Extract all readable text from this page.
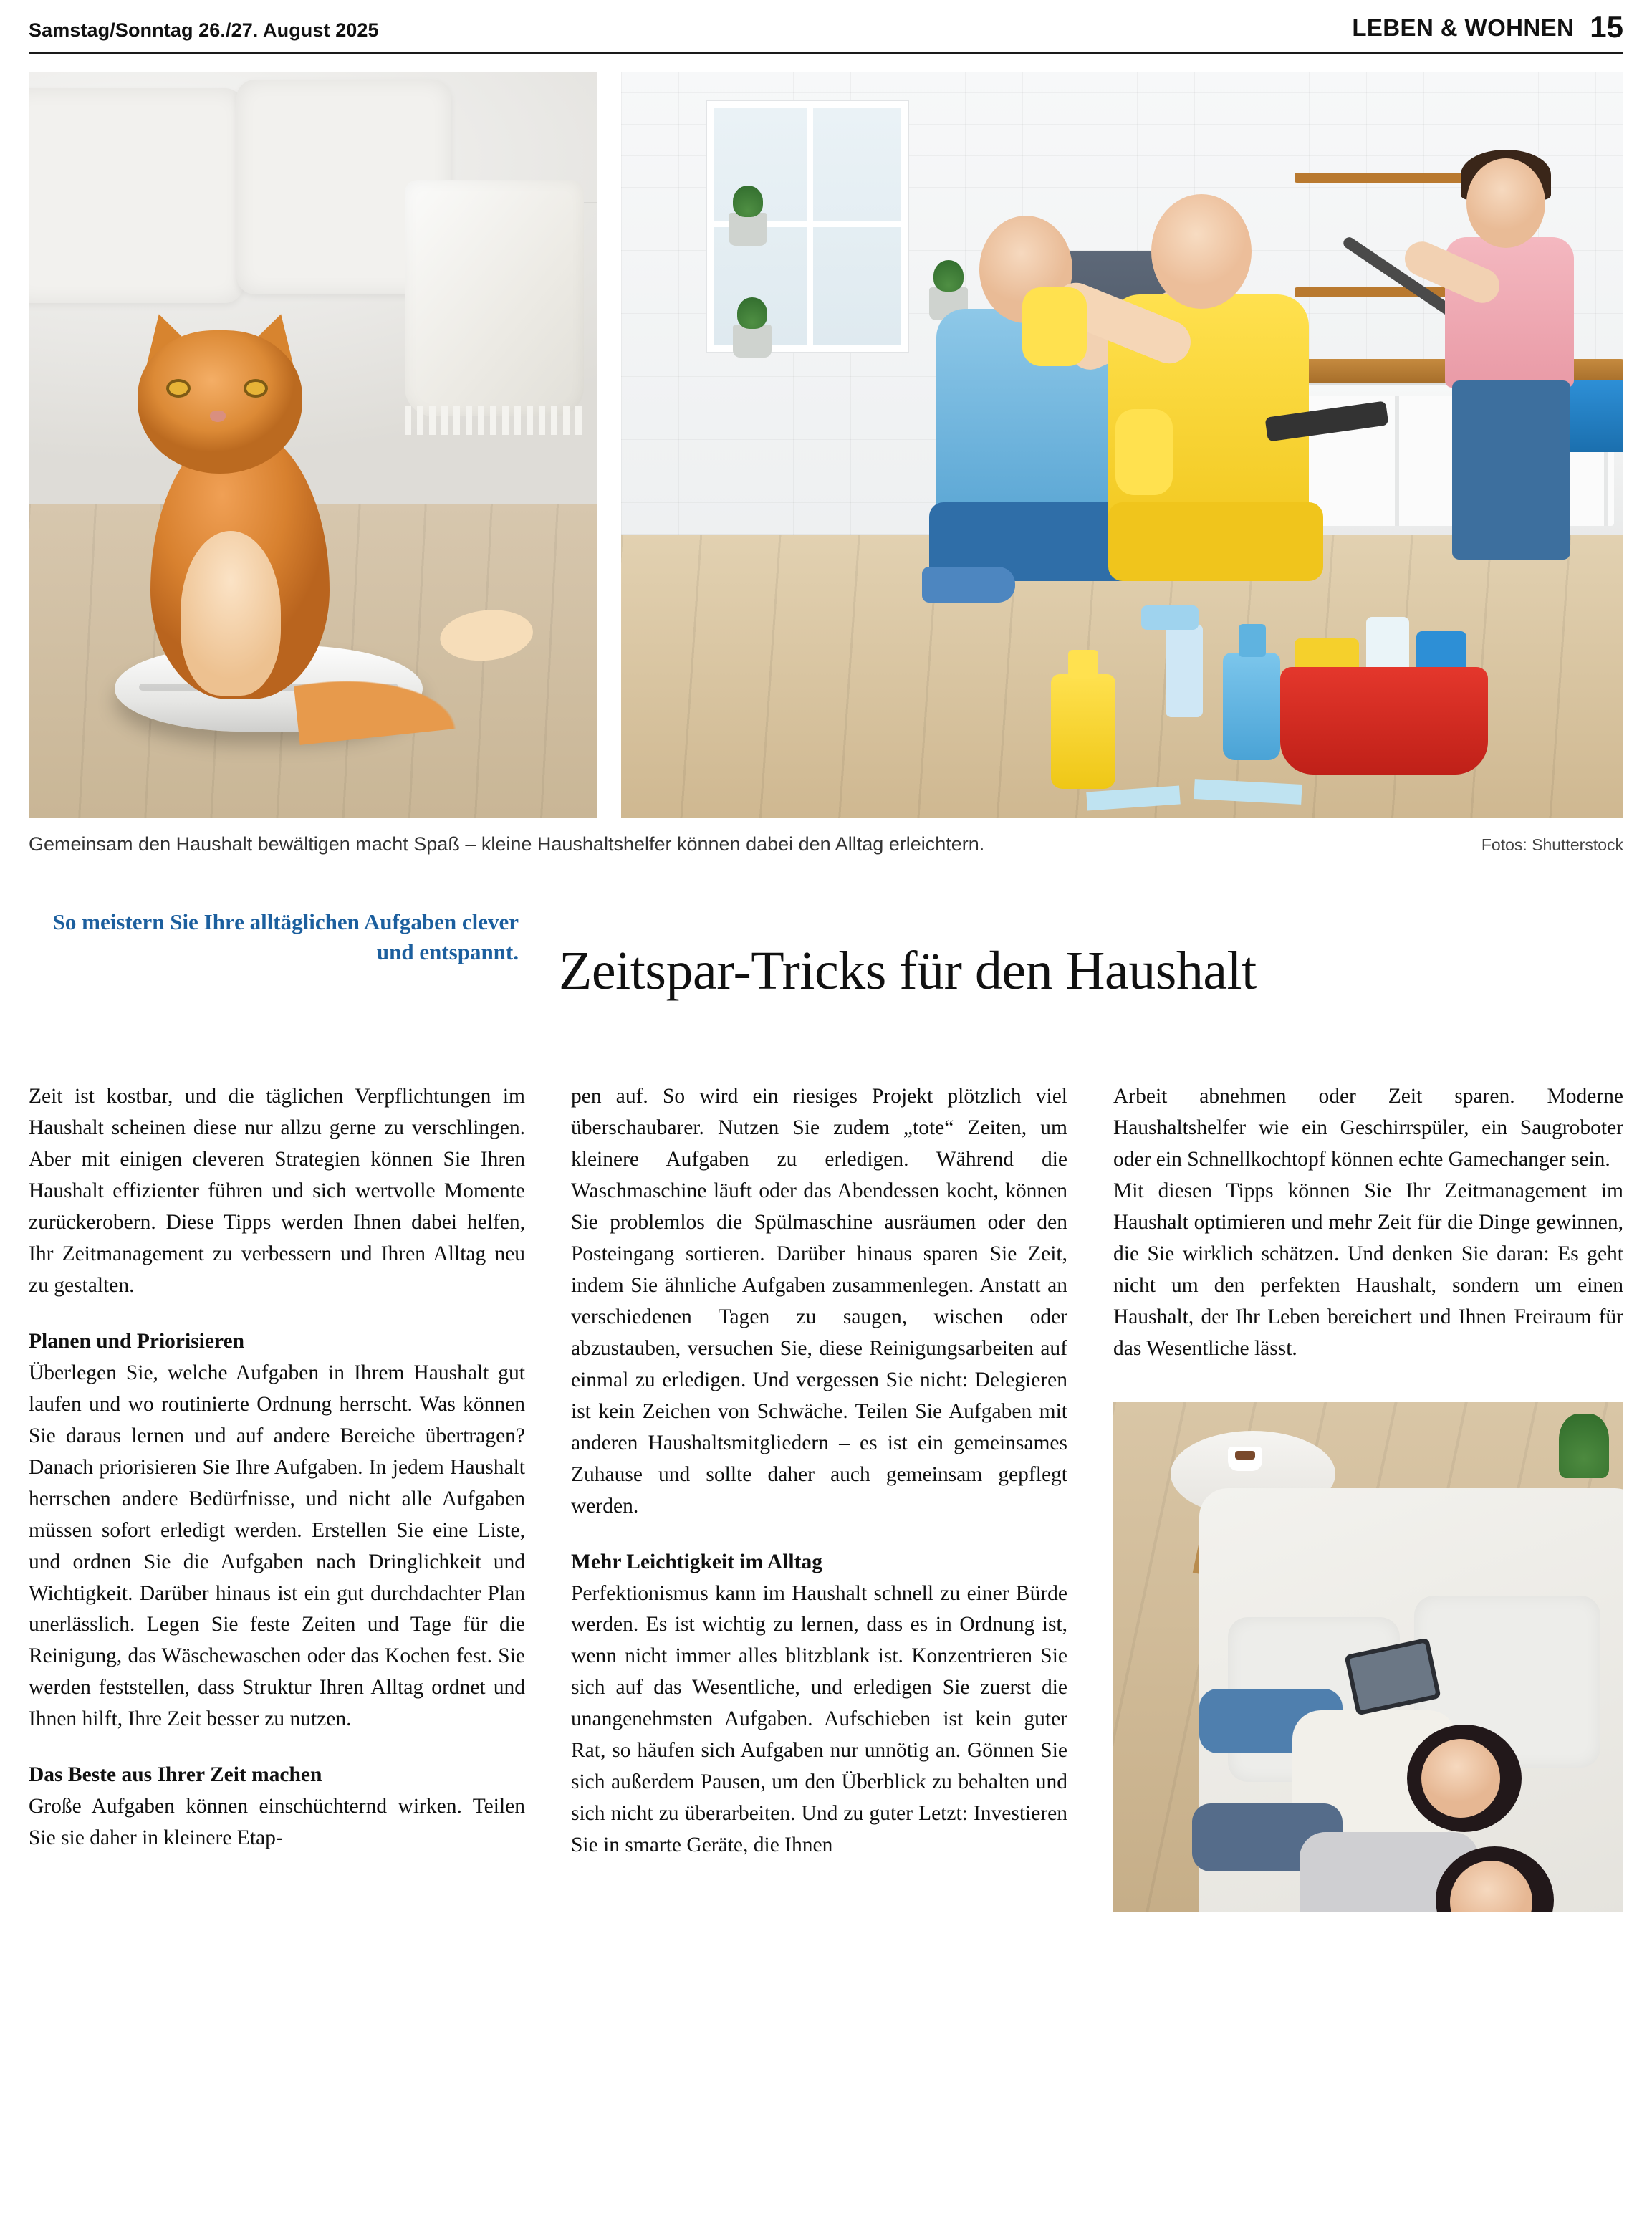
Samstag/Sonntag 26./27. August 2025	LEBEN & WOHNEN 15
Gemeinsam den Haushalt bewältigen macht Spaß – kleine Haushaltshelfer können dabei den Alltag erleichtern.	Fotos: Shutterstock
So meistern Sie Ihre alltäglichen Aufgaben clever und entspannt. Zeitspar-Tricks für den Haushalt

Zeit ist kostbar, und die täglichen Verpflichtungen im Haushalt scheinen diese nur allzu gerne zu verschlingen. Aber mit einigen cleveren Strategien können Sie Ihren Haushalt effizienter führen und sich wertvolle Momente zurückerobern. Diese Tipps werden Ihnen dabei helfen, Ihr Zeitmanagement zu verbessern und Ihren Alltag neu zu gestalten.

Planen und Priorisieren

Überlegen Sie, welche Aufgaben in Ihrem Haushalt gut laufen und wo routinierte Ordnung herrscht. Was können Sie daraus lernen und auf andere Bereiche übertragen? Danach priorisieren Sie Ihre Aufgaben. In jedem Haushalt herrschen andere Bedürfnisse, und nicht alle Aufgaben müssen sofort erledigt werden. Erstellen Sie eine Liste, und ordnen Sie die Aufgaben nach Dringlichkeit und Wichtigkeit. Darüber hinaus ist ein gut durchdachter Plan unerlässlich. Legen Sie feste Zeiten und Tage für die Reinigung, das Wäschewaschen oder das Kochen fest. Sie werden feststellen, dass Struktur Ihren Alltag ordnet und Ihnen hilft, Ihre Zeit besser zu nutzen.

Das Beste aus Ihrer Zeit machen

Große Aufgaben können einschüchternd wirken. Teilen Sie sie daher in kleinere Etap-

pen auf. So wird ein riesiges Projekt plötzlich viel überschaubarer. Nutzen Sie zudem „tote“ Zeiten, um kleinere Aufgaben zu erledigen. Während die Waschmaschine läuft oder das Abendessen kocht, können Sie problemlos die Spülmaschine ausräumen oder den Posteingang sortieren. Darüber hinaus sparen Sie Zeit, indem Sie ähnliche Aufgaben zusammenlegen. Anstatt an verschiedenen Tagen zu saugen, wischen oder abzustauben, versuchen Sie, diese Reinigungsarbeiten auf einmal zu erledigen. Und vergessen Sie nicht: Delegieren ist kein Zeichen von Schwäche. Teilen Sie Aufgaben mit anderen Haushaltsmitgliedern – es ist ein gemeinsames Zuhause und sollte daher auch gemeinsam gepflegt werden.

Mehr Leichtigkeit im Alltag

Perfektionismus kann im Haushalt schnell zu einer Bürde werden. Es ist wichtig zu lernen, dass es in Ordnung ist, wenn nicht immer alles blitzblank ist. Konzentrieren Sie sich auf das Wesentliche, und erledigen Sie zuerst die unangenehmsten Aufgaben. Aufschieben ist kein guter Rat, so häufen sich Aufgaben nur unnötig an. Gönnen Sie sich außerdem Pausen, um den Überblick zu behalten und sich nicht zu überarbeiten. Und zu guter Letzt: Investieren Sie in smarte Geräte, die Ihnen

Arbeit abnehmen oder Zeit sparen. Moderne Haushaltshelfer wie ein Geschirrspüler, ein Saugroboter oder ein Schnellkochtopf können echte Gamechanger sein.

Mit diesen Tipps können Sie Ihr Zeitmanagement im Haushalt optimieren und mehr Zeit für die Dinge gewinnen, die Sie wirklich schätzen. Und denken Sie daran: Es geht nicht um den perfekten Haushalt, sondern um einen Haushalt, der Ihr Leben bereichert und Ihnen Freiraum für das Wesentliche lässt.
